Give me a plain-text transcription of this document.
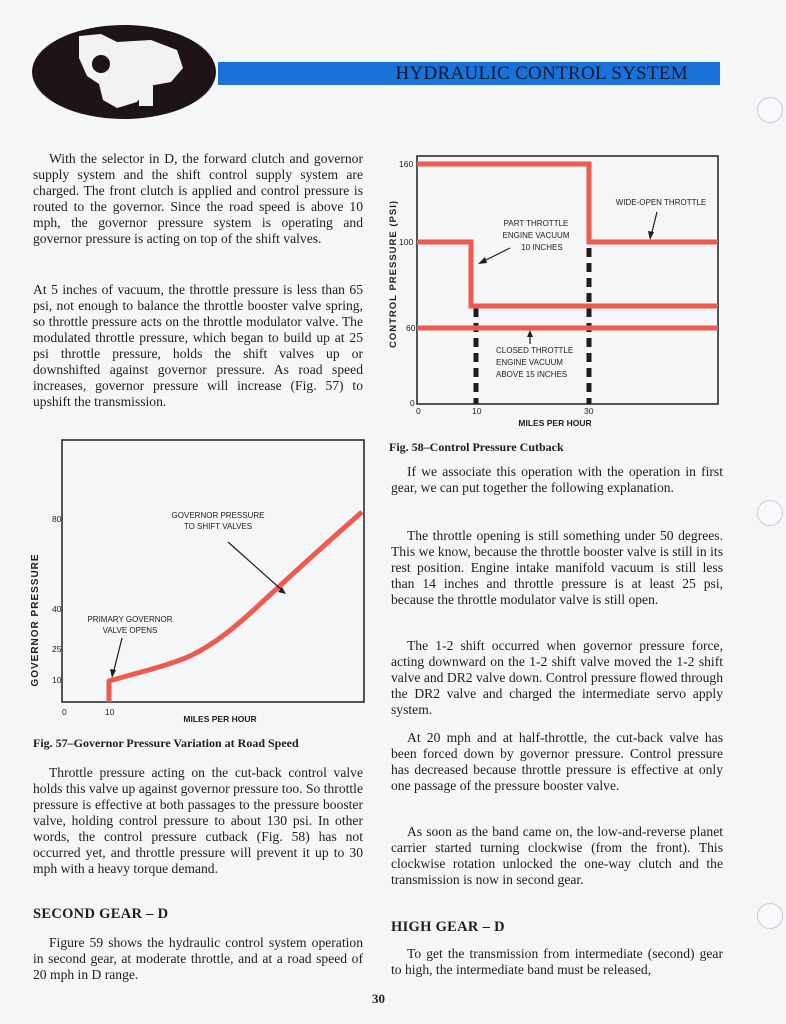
HYDRAULIC CONTROL SYSTEM

With the selector in D, the forward clutch and governor supply system and the shift control supply system are charged. The front clutch is applied and control pressure is routed to the governor. Since the road speed is above 10 mph, the governor pressure system is operating and governor pressure is acting on top of the shift valves.

At 5 inches of vacuum, the throttle pressure is less than 65 psi, not enough to balance the throttle booster valve spring, so throttle pressure acts on the throttle modulator valve. The modulated throttle pressure, which began to build up at 25 psi throttle pressure, holds the shift valves up or downshifted against governor pressure. As road speed increases, governor pressure will increase (Fig. 57) to upshift the transmission.

GOVERNOR PRESSURE
80
40
25
10
0	10
MILES PER HOUR
GOVERNOR PRESSURE
TO SHIFT VALVES
PRIMARY GOVERNOR
VALVE OPENS
Fig. 57–Governor Pressure Variation at Road Speed

Throttle pressure acting on the cut-back control valve holds this valve up against governor pressure too. So throttle pressure is effective at both passages to the pressure booster valve, holding control pressure to about 130 psi. In other words, the control pressure cutback (Fig. 58) has not occurred yet, and throttle pressure will prevent it up to 30 mph with a heavy torque demand.

SECOND GEAR – D

Figure 59 shows the hydraulic control system operation in second gear, at moderate throttle, and at a road speed of 20 mph in D range.

CONTROL PRESSURE (PSI)
160
100
60
0
0	10	30
MILES PER HOUR
WIDE-OPEN THROTTLE
PART THROTTLE
ENGINE VACUUM
10 INCHES
CLOSED THROTTLE
ENGINE VACUUM
ABOVE 15 INCHES
Fig. 58–Control Pressure Cutback

If we associate this operation with the operation in first gear, we can put together the following explanation.

The throttle opening is still something under 50 degrees. This we know, because the throttle booster valve is still in its rest position. Engine intake manifold vacuum is still less than 14 inches and throttle pressure is at least 25 psi, because the throttle modulator valve is still open.

The 1-2 shift occurred when governor pressure force, acting downward on the 1-2 shift valve moved the 1-2 shift valve and DR2 valve down. Control pressure flowed through the DR2 valve and charged the intermediate servo apply system.

At 20 mph and at half-throttle, the cut-back valve has been forced down by governor pressure. Control pressure has decreased because throttle pressure is effective at only one passage of the pressure booster valve.

As soon as the band came on, the low-and-reverse planet carrier started turning clockwise (from the front). This clockwise rotation unlocked the one-way clutch and the transmission is now in second gear.

HIGH GEAR – D

To get the transmission from intermediate (second) gear to high, the intermediate band must be released,

30
